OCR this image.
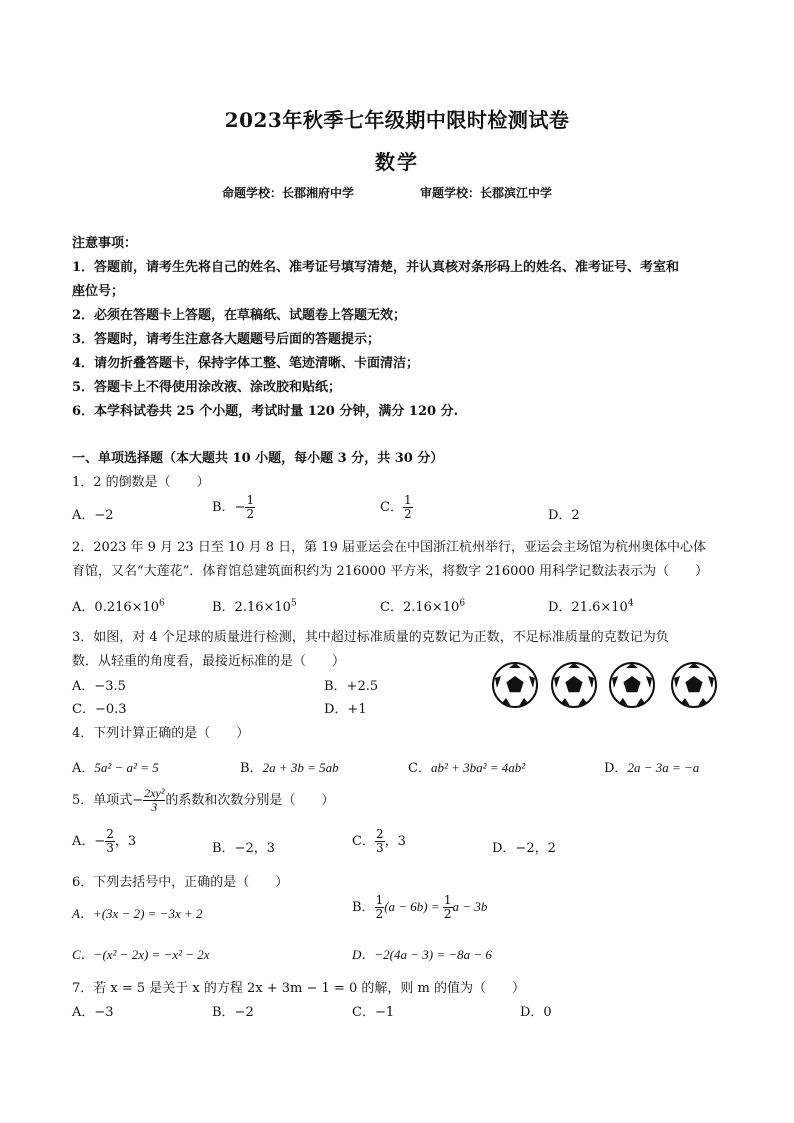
2023年秋季七年级期中限时检测试卷
数学
命题学校：长郡湘府中学	审题学校：长郡滨江中学
注意事项：
1．答题前，请考生先将自己的姓名、准考证号填写清楚，并认真核对条形码上的姓名、准考证号、考室和
座位号；
2．必须在答题卡上答题，在草稿纸、试题卷上答题无效；
3．答题时，请考生注意各大题题号后面的答题提示；
4．请勿折叠答题卡，保持字体工整、笔迹清晰、卡面清洁；
5．答题卡上不得使用涂改液、涂改胶和贴纸；
6．本学科试卷共 25 个小题，考试时量 120 分钟，满分 120 分.
一、单项选择题（本大题共 10 小题，每小题 3 分，共 30 分）
1．2 的倒数是（　　）
A．−2
B．− $\frac{1}{2}$	C． $\frac{1}{2}$	D．2
2．2023 年 9 月 23 日至 10 月 8 日，第 19 届亚运会在中国浙江杭州举行，亚运会主场馆为杭州奥体中心体
育馆，又名“大莲花”．体育馆总建筑面积约为 216000 平方米，将数字 216000 用科学记数法表示为（　　）
A．$0.216\times 10^6$	B．$2.16\times 10^5$	C．$2.16\times 10^6$	D．$21.6\times 10^4$
3．如图，对 4 个足球的质量进行检测，其中超过标准质量的克数记为正数，不足标准质量的克数记为负
数．从轻重的角度看，最接近标准的是（　　）
A．−3.5	B．+2.5
C．−0.3	D．+1
4．下列计算正确的是（　　）
A．5a² − a² = 5	B．2a + 3b = 5ab	C．ab² + 3ba² = 4ab²	D．2a − 3a = −a
5．单项式− $\frac{\text{2xy²}}{3}$ 的系数和次数分别是（　　）
A．− $\frac{2}{3}$ ，3	B．−2，3	C． $\frac{2}{3}$ ，3	D．−2，2
6．下列去括号中，正确的是（　　）
A．+(3x − 2) = −3x + 2	B． $\frac{1}{2} (a - 6b) = \frac{1}{2}$ a − 3b
C．−(x² − 2x) = −x² − 2x	D．−2(4a − 3) = −8a − 6
7．若 x = 5 是关于 x 的方程 2x + 3m − 1 = 0 的解，则 m 的值为（　　）
A．−3	B．−2	C．−1	D．0
